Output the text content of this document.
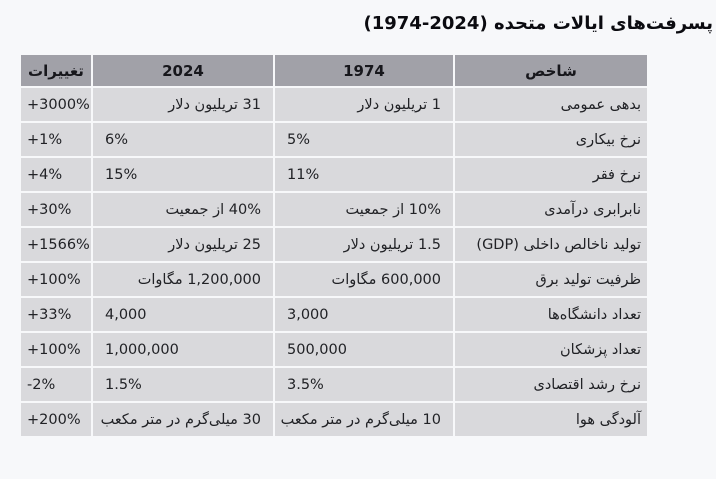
پسرفت‌های ایالات متحده (2024-1974)
شاخص	1974	2024	تغییرات
بدهی عمومی	1 تریلیون دلار	31 تریلیون دلار	+3000%
نرخ بیکاری	5%	6%	+1%
نرخ فقر	11%	15%	+4%
نابرابری درآمدی	10% از جمعیت	40% از جمعیت	+30%
تولید ناخالص داخلی (GDP)	1.5 تریلیون دلار	25 تریلیون دلار	+1566%
ظرفیت تولید برق	600,000 مگاوات	1,200,000 مگاوات	+100%
تعداد دانشگاه‌ها	3,000	4,000	+33%
تعداد پزشکان	500,000	1,000,000	+100%
نرخ رشد اقتصادی	3.5%	1.5%	-2%
آلودگی هوا	10 میلی‌گرم در متر مکعب	30 میلی‌گرم در متر مکعب	+200%
